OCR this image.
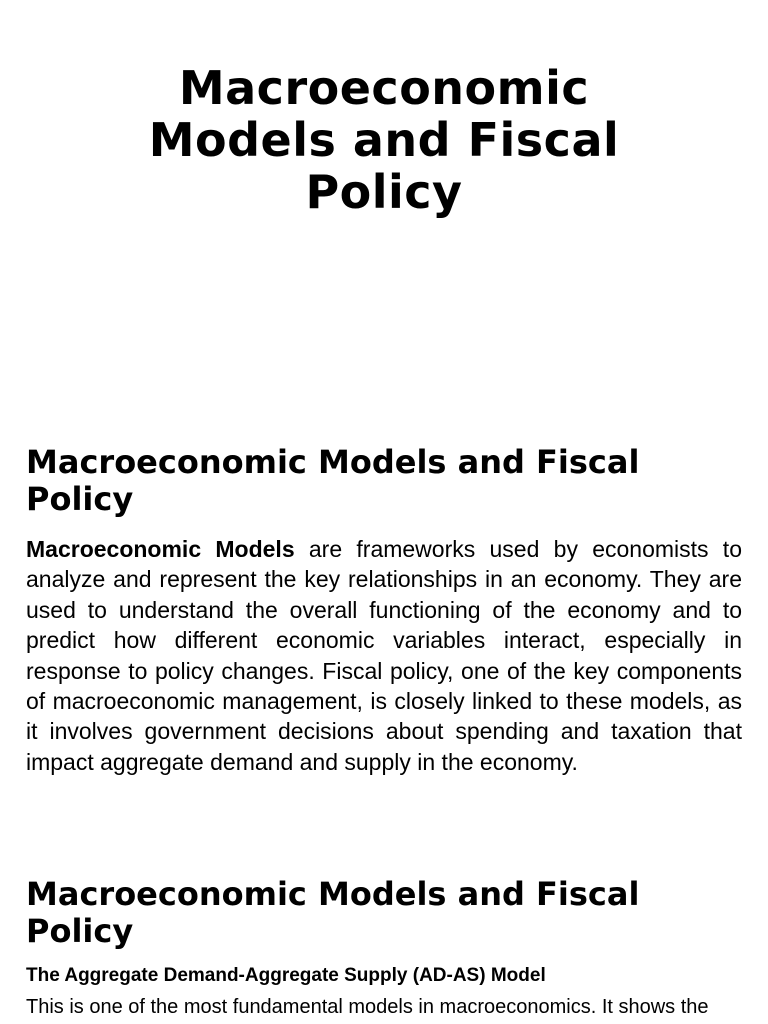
Macroeconomic
Models and Fiscal
Policy
Macroeconomic Models and Fiscal
Policy

Macroeconomic Models are frameworks used by economists to analyze and represent the key relationships in an economy. They are used to understand the overall functioning of the economy and to predict how different economic variables interact, especially in response to policy changes. Fiscal policy, one of the key components of macroeconomic management, is closely linked to these models, as it involves government decisions about spending and taxation that impact aggregate demand and supply in the economy.

Macroeconomic Models and Fiscal
Policy

The Aggregate Demand-Aggregate Supply (AD-AS) Model

This is one of the most fundamental models in macroeconomics. It shows the
